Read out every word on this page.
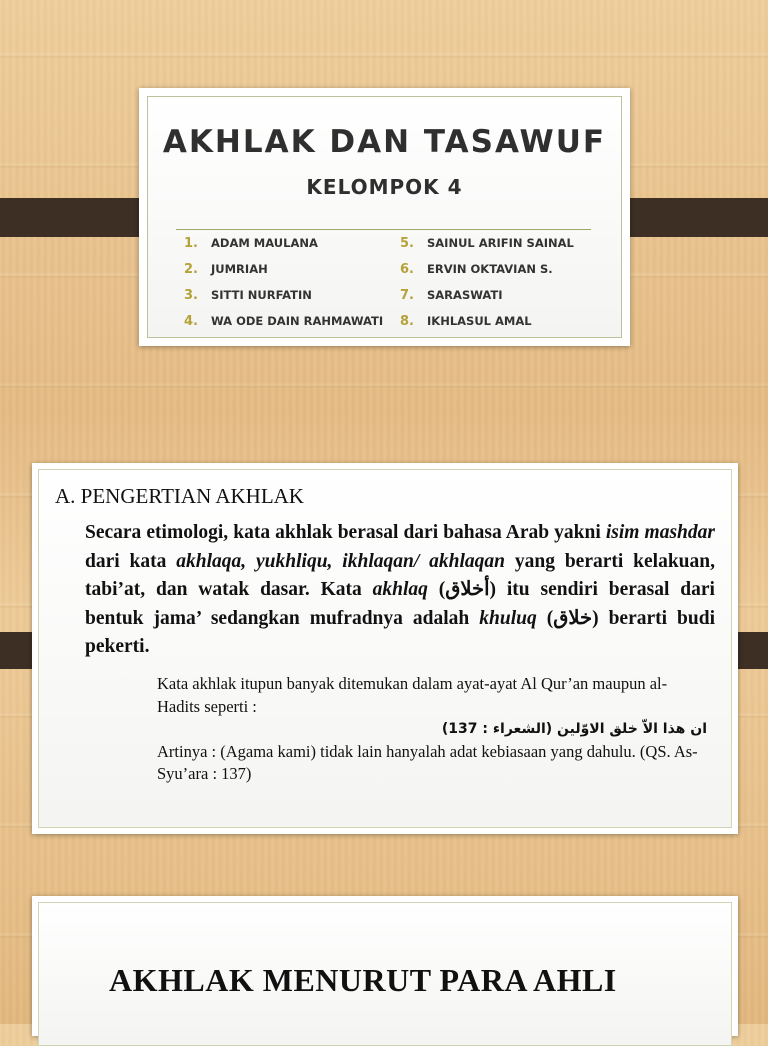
AKHLAK DAN TASAWUF
KELOMPOK 4
1. ADAM MAULANA	5. SAINUL ARIFIN SAINAL
2. JUMRIAH	6. ERVIN OKTAVIAN S.
3. SITTI NURFATIN	7. SARASWATI
4. WA ODE DAIN RAHMAWATI	8. IKHLASUL AMAL
A. PENGERTIAN AKHLAK
Secara etimologi, kata akhlak berasal dari bahasa Arab yakni isim mashdar dari kata akhlaqa, yukhliqu, ikhlaqan/ akhlaqan yang berarti kelakuan, tabi’at, dan watak dasar. Kata akhlaq (أخلاق) itu sendiri berasal dari bentuk jama’ sedangkan mufradnya adalah khuluq (خلاق) berarti budi pekerti.
Kata akhlak itupun banyak ditemukan dalam ayat-ayat Al Qur’an maupun al-Hadits seperti :
ان هذا الاّ خلق الاوّلين (الشعراء : 137)
Artinya : (Agama kami) tidak lain hanyalah adat kebiasaan yang dahulu. (QS. As-Syu’ara : 137)
AKHLAK MENURUT PARA AHLI
